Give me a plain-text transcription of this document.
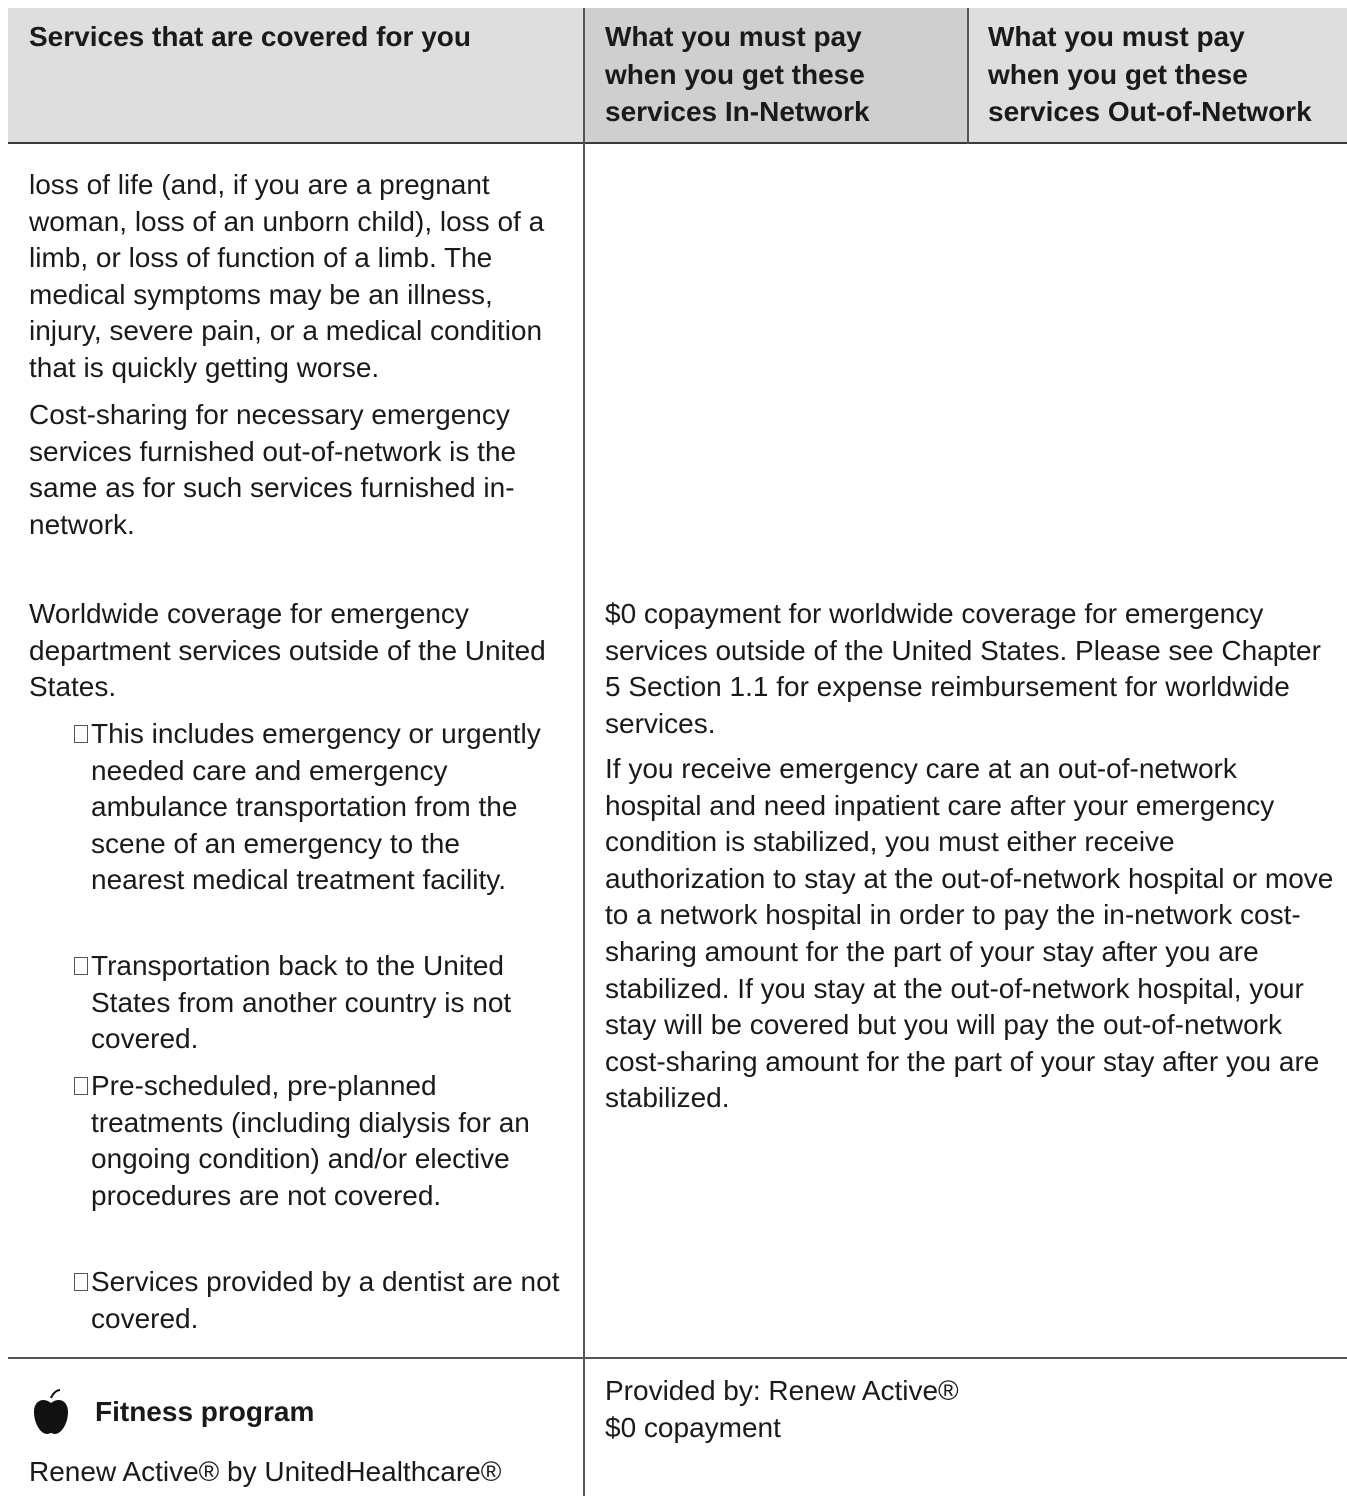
Services that are covered for you	What you must pay
when you get these
services In-Network
What you must pay
when you get these
services Out-of-Network

loss of life (and, if you are a pregnant woman, loss of an unborn child), loss of a limb, or loss of function of a limb. The medical symptoms may be an illness, injury, severe pain, or a medical condition that is quickly getting worse.

Cost-sharing for necessary emergency services furnished out-of-network is the same as for such services furnished in-network.

Worldwide coverage for emergency department services outside of the United States.

This includes emergency or urgently needed care and emergency ambulance transportation from the scene of an emergency to the nearest medical treatment facility.
Transportation back to the United States from another country is not covered.
Pre-scheduled, pre-planned treatments (including dialysis for an ongoing condition) and/or elective procedures are not covered.
Services provided by a dentist are not covered.

$0 copayment for worldwide coverage for emergency services outside of the United States. Please see Chapter 5 Section 1.1 for expense reimbursement for worldwide services.

If you receive emergency care at an out-of-network hospital and need inpatient care after your emergency condition is stabilized, you must either receive authorization to stay at the out-of-network hospital or move to a network hospital in order to pay the in-network cost-sharing amount for the part of your stay after you are stabilized. If you stay at the out-of-network hospital, your stay will be covered but you will pay the out-of-network cost-sharing amount for the part of your stay after you are stabilized.

Fitness program

Renew Active® by UnitedHealthcare®

Provided by: Renew Active®

$0 copayment
